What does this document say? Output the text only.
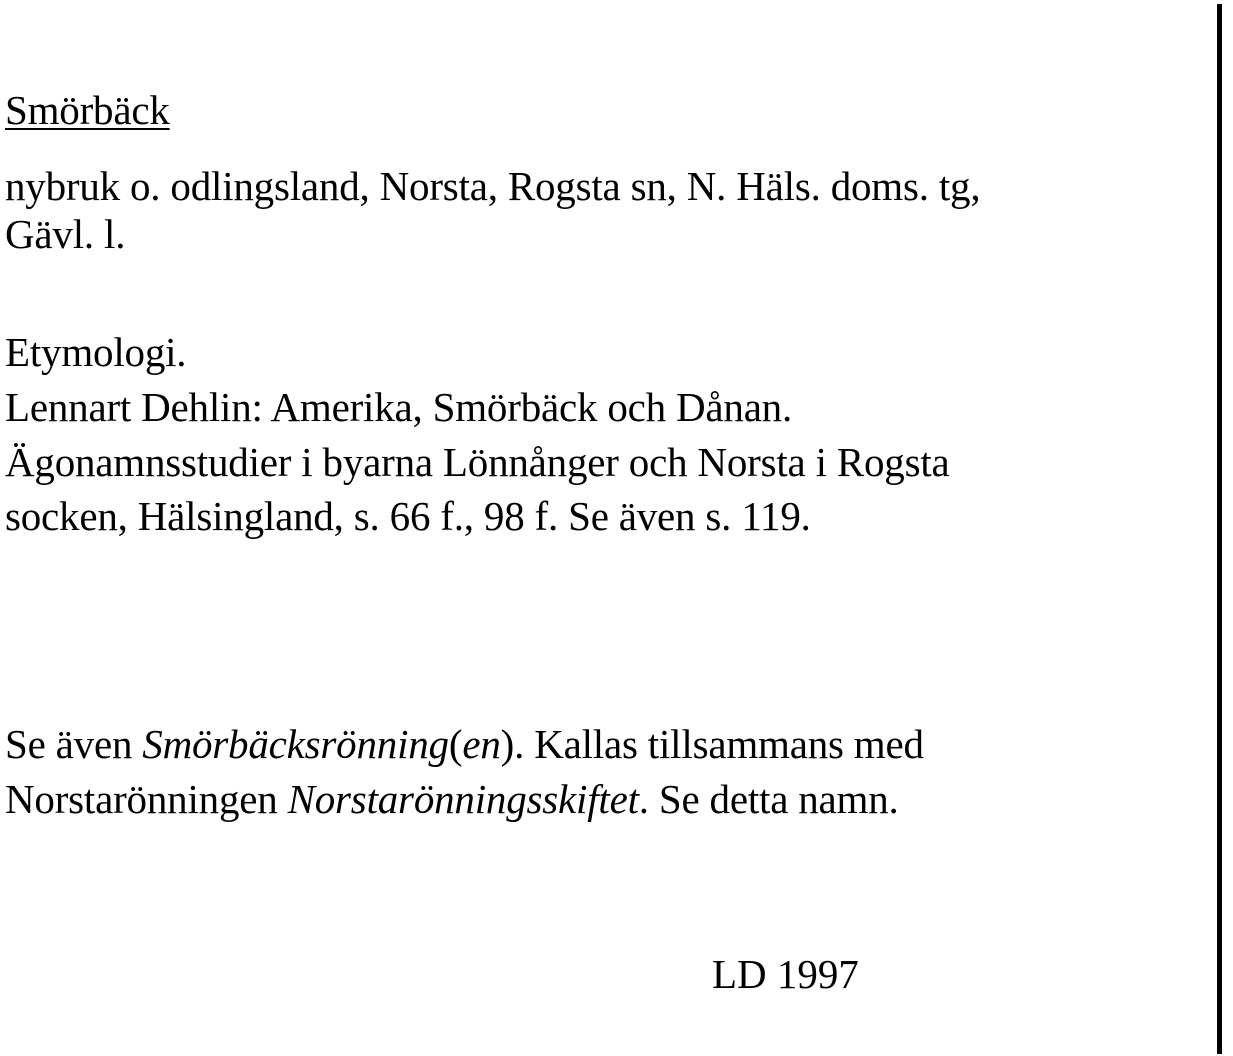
Smörbäck
nybruk o. odlingsland, Norsta, Rogsta sn, N. Häls. doms. tg,
Gävl. l.
Etymologi.
Lennart Dehlin: Amerika, Smörbäck och Dånan.
Ägonamnsstudier i byarna Lönnånger och Norsta i Rogsta
socken, Hälsingland, s. 66 f., 98 f. Se även s. 119.
Se även Smörbäcksrönning(en). Kallas tillsammans med
Norstarönningen Norstarönningsskiftet. Se detta namn.
LD 1997
